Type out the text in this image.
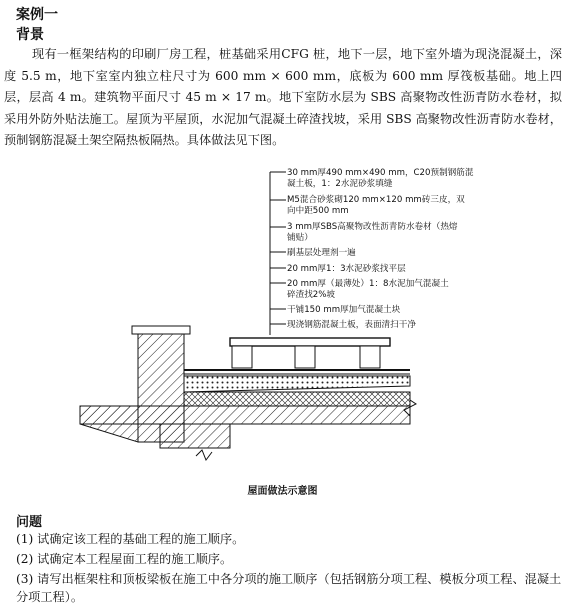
案例一
背景

现有一框架结构的印刷厂房工程，桩基础采用CFG 桩，地下一层，地下室外墙为现浇混凝土，深度 5.5 m，地下室室内独立柱尺寸为 600 mm × 600 mm，底板为 600 mm 厚筏板基础。地上四层，层高 4 m。建筑物平面尺寸 45 m × 17 m。地下室防水层为 SBS 高聚物改性沥青防水卷材，拟采用外防外贴法施工。屋顶为平屋顶，水泥加气混凝土碎渣找坡，采用 SBS 高聚物改性沥青防水卷材，预制钢筋混凝土架空隔热板隔热。具体做法见下图。

30 mm厚490 mm×490 mm，C20预制钢筋混
凝土板，1：2水泥砂浆填缝
M5混合砂浆砌120 mm×120 mm砖三皮，双
向中距500 mm
3 mm厚SBS高聚物改性沥青防水卷材（热熔
铺贴）
刷基层处理剂一遍
20 mm厚1：3水泥砂浆找平层
20 mm厚（最薄处）1：8水泥加气混凝土
碎渣找2%坡
干铺150 mm厚加气混凝土块
现浇钢筋混凝土板，表面清扫干净
屋面做法示意图
问题
(1) 试确定该工程的基础工程的施工顺序。
(2) 试确定本工程屋面工程的施工顺序。
(3) 请写出框架柱和顶板梁板在施工中各分项的施工顺序（包括钢筋分项工程、模板分项工程、混凝土分项工程）。
